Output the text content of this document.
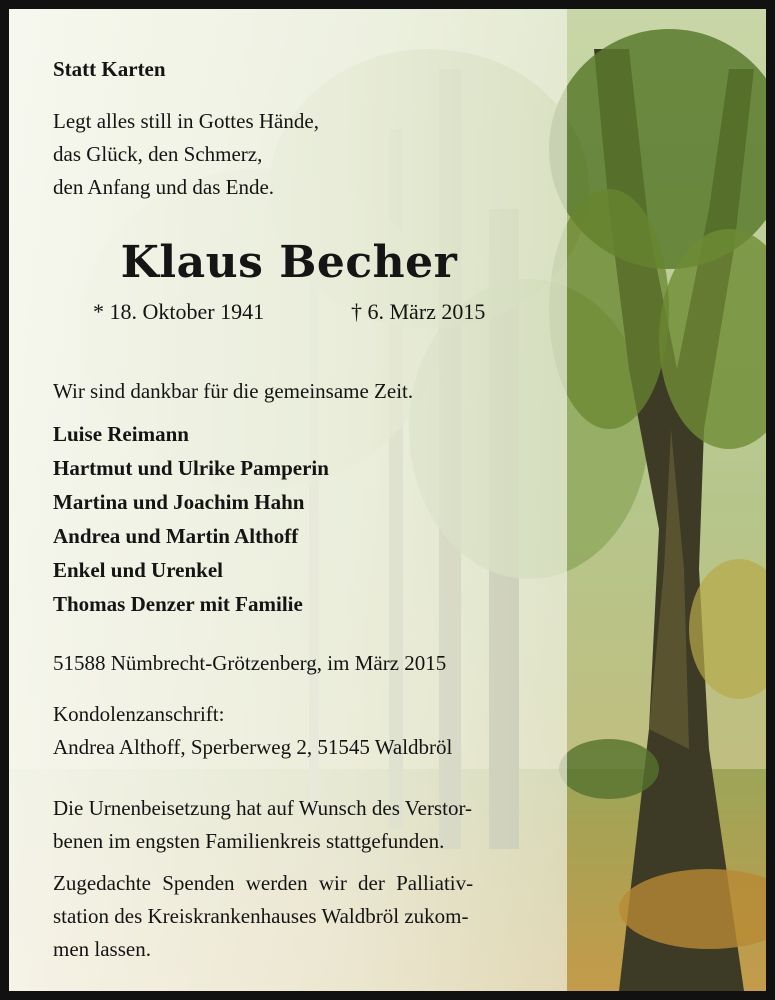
Statt Karten

Legt alles still in Gottes Hände,

das Glück, den Schmerz,

den Anfang und das Ende.

Klaus Becher

* 18. Oktober 1941	† 6. März 2015

Wir sind dankbar für die gemeinsame Zeit.

Luise Reimann

Hartmut und Ulrike Pamperin

Martina und Joachim Hahn

Andrea und Martin Althoff

Enkel und Urenkel

Thomas Denzer mit Familie

51588 Nümbrecht-Grötzenberg, im März 2015

Kondolenzanschrift:

Andrea Althoff, Sperberweg 2, 51545 Waldbröl

Die Urnenbeisetzung hat auf Wunsch des Verstor-

benen im engsten Familienkreis stattgefunden.

Zugedachte Spenden werden wir der Palliativ-

station des Kreiskrankenhauses Waldbröl zukom-

men lassen.
